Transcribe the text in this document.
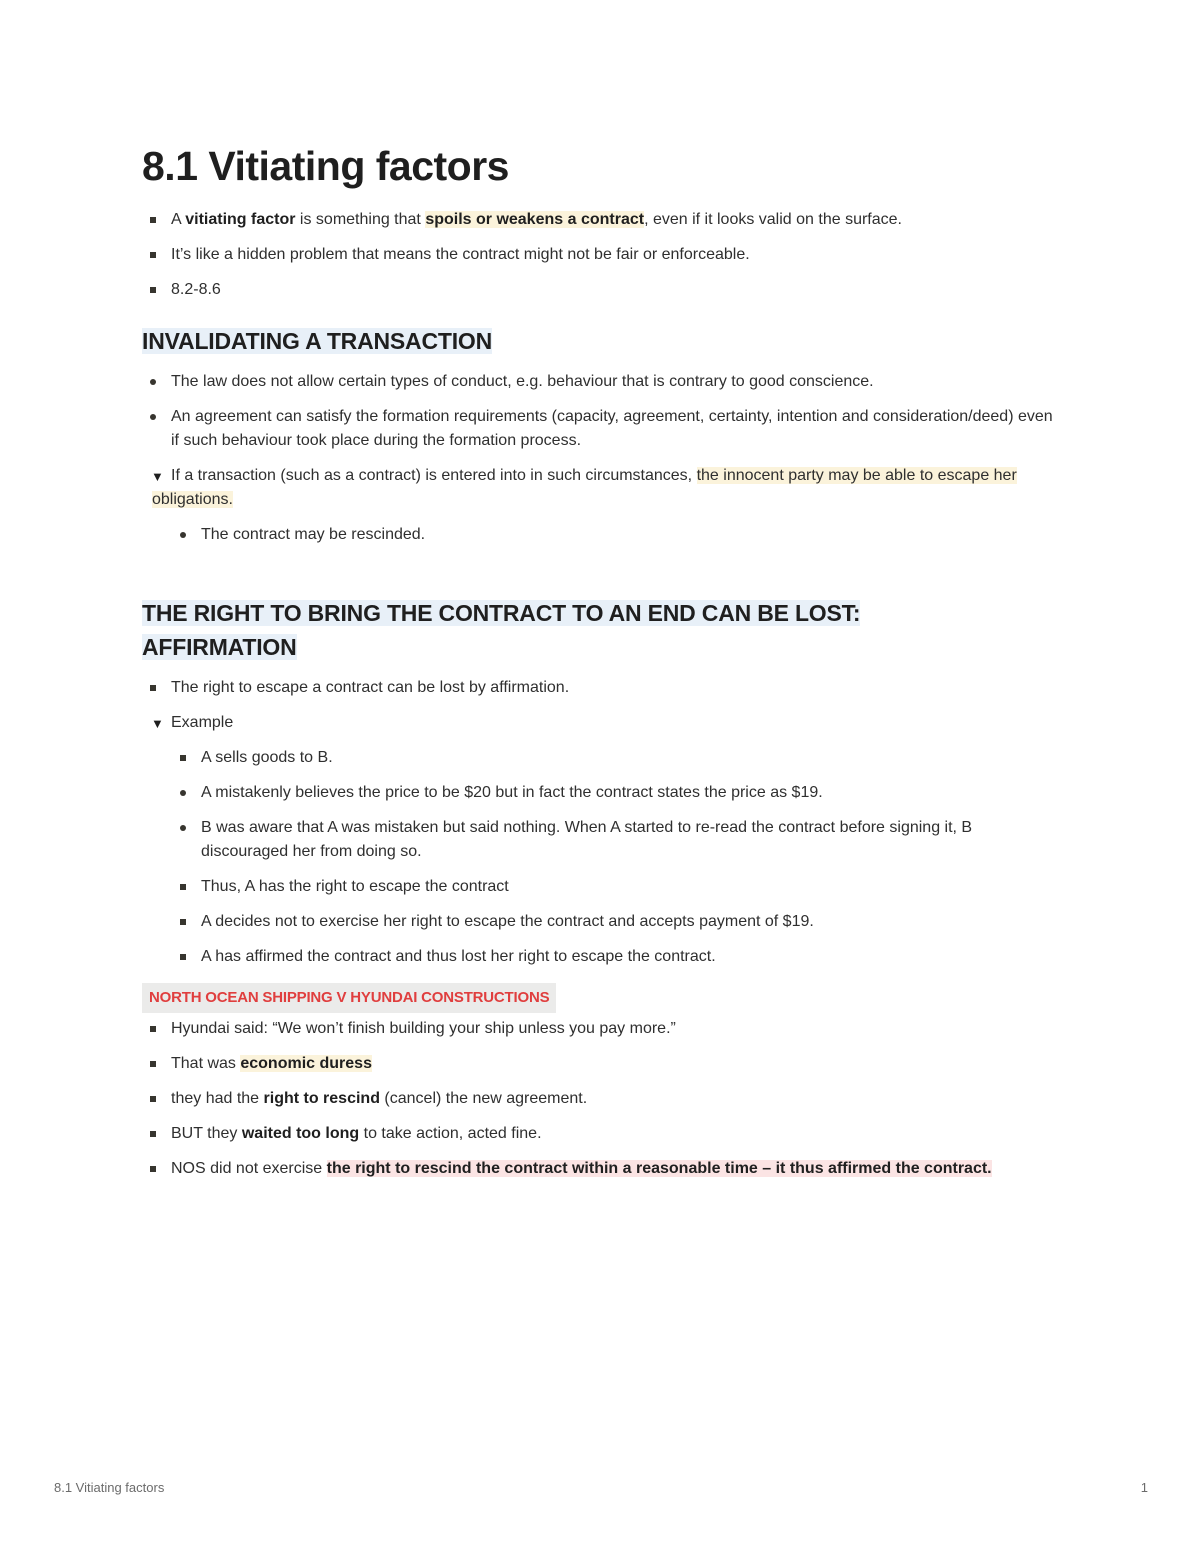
8.1 Vitiating factors
A vitiating factor is something that spoils or weakens a contract, even if it looks valid on the surface.
It’s like a hidden problem that means the contract might not be fair or enforceable.
8.2-8.6
INVALIDATING A TRANSACTION
The law does not allow certain types of conduct, e.g. behaviour that is contrary to good conscience.
An agreement can satisfy the formation requirements (capacity, agreement, certainty, intention and consideration/deed) even if such behaviour took place during the formation process.
▼ If a transaction (such as a contract) is entered into in such circumstances, the innocent party may be able to escape her obligations.
The contract may be rescinded.
THE RIGHT TO BRING THE CONTRACT TO AN END CAN BE LOST: AFFIRMATION
The right to escape a contract can be lost by affirmation.
▼ Example
A sells goods to B.
A mistakenly believes the price to be $20 but in fact the contract states the price as $19.
B was aware that A was mistaken but said nothing. When A started to re-read the contract before signing it, B discouraged her from doing so.
Thus, A has the right to escape the contract
A decides not to exercise her right to escape the contract and accepts payment of $19.
A has affirmed the contract and thus lost her right to escape the contract.
NORTH OCEAN SHIPPING V HYUNDAI CONSTRUCTIONS
Hyundai said: “We won’t finish building your ship unless you pay more.”
That was economic duress
they had the right to rescind (cancel) the new agreement.
BUT they waited too long to take action, acted fine.
NOS did not exercise the right to rescind the contract within a reasonable time – it thus affirmed the contract.
8.1 Vitiating factors	1
